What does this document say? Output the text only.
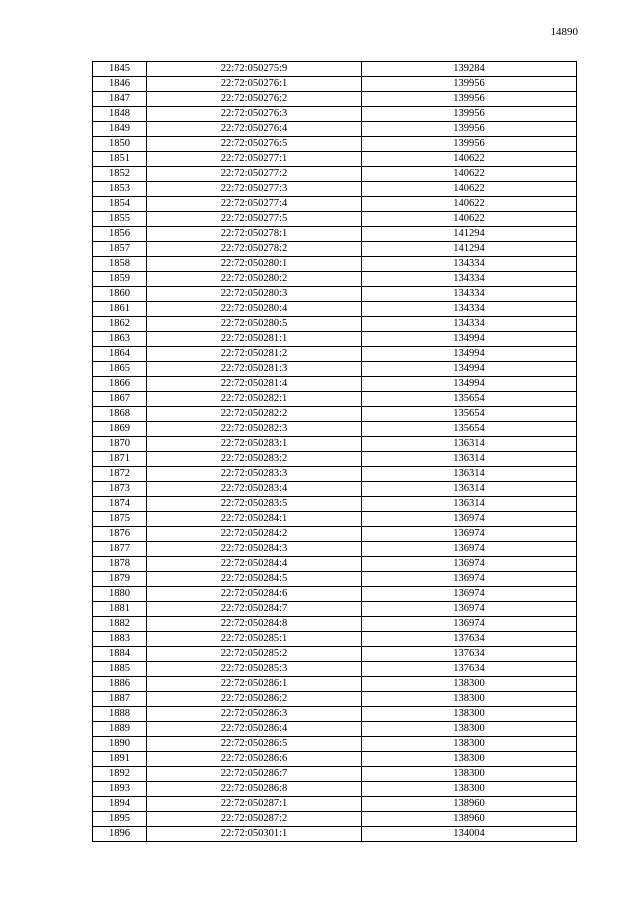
14890
1845	22:72:050275:9	139284
1846	22:72:050276:1	139956
1847	22:72:050276:2	139956
1848	22:72:050276:3	139956
1849	22:72:050276:4	139956
1850	22:72:050276:5	139956
1851	22:72:050277:1	140622
1852	22:72:050277:2	140622
1853	22:72:050277:3	140622
1854	22:72:050277:4	140622
1855	22:72:050277:5	140622
1856	22:72:050278:1	141294
1857	22:72:050278:2	141294
1858	22:72:050280:1	134334
1859	22:72:050280:2	134334
1860	22:72:050280:3	134334
1861	22:72:050280:4	134334
1862	22:72:050280:5	134334
1863	22:72:050281:1	134994
1864	22:72:050281:2	134994
1865	22:72:050281:3	134994
1866	22:72:050281:4	134994
1867	22:72:050282:1	135654
1868	22:72:050282:2	135654
1869	22:72:050282:3	135654
1870	22:72:050283:1	136314
1871	22:72:050283:2	136314
1872	22:72:050283:3	136314
1873	22:72:050283:4	136314
1874	22:72:050283:5	136314
1875	22:72:050284:1	136974
1876	22:72:050284:2	136974
1877	22:72:050284:3	136974
1878	22:72:050284:4	136974
1879	22:72:050284:5	136974
1880	22:72:050284:6	136974
1881	22:72:050284:7	136974
1882	22:72:050284:8	136974
1883	22:72:050285:1	137634
1884	22:72:050285:2	137634
1885	22:72:050285:3	137634
1886	22:72:050286:1	138300
1887	22:72:050286:2	138300
1888	22:72:050286:3	138300
1889	22:72:050286:4	138300
1890	22:72:050286:5	138300
1891	22:72:050286:6	138300
1892	22:72:050286:7	138300
1893	22:72:050286:8	138300
1894	22:72:050287:1	138960
1895	22:72:050287:2	138960
1896	22:72:050301:1	134004
